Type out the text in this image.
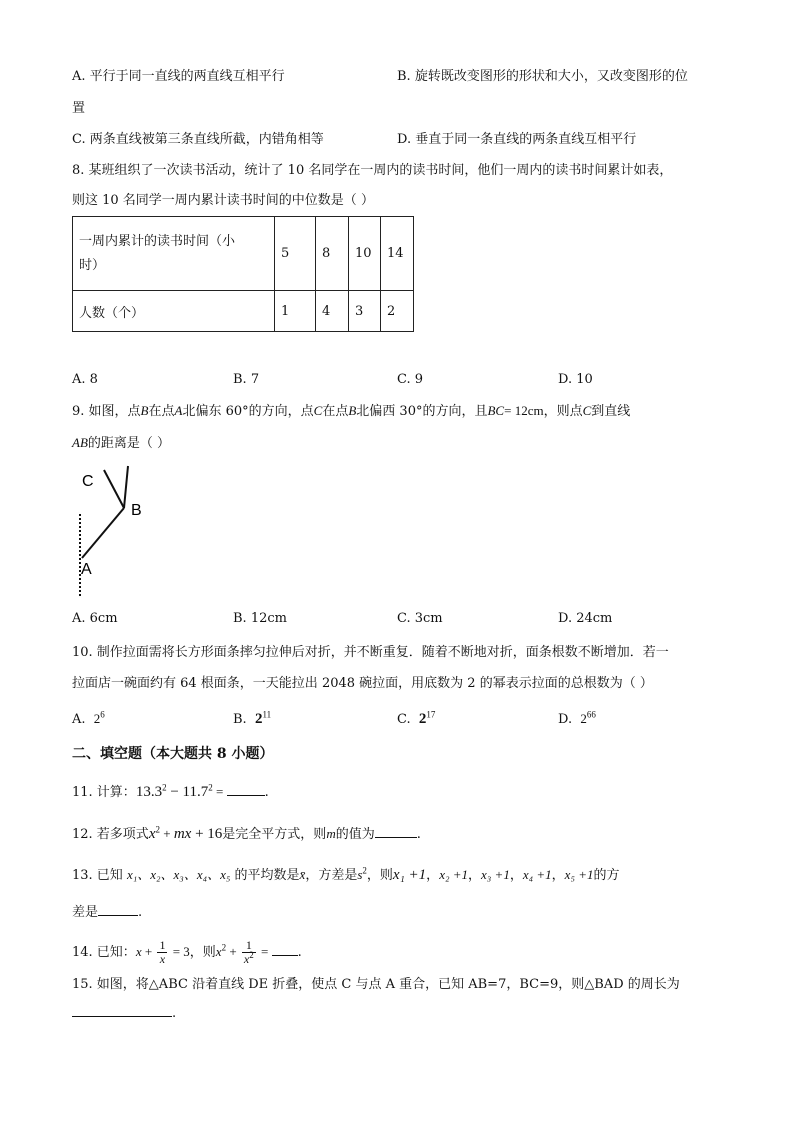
A. 平行于同一直线的两直线互相平行	B. 旋转既改变图形的形状和大小，又改变图形的位
置
C. 两条直线被第三条直线所截，内错角相等	D. 垂直于同一条直线的两条直线互相平行
8. 某班组织了一次读书活动，统计了 10 名同学在一周内的读书时间，他们一周内的读书时间累计如表，
则这 10 名同学一周内累计读书时间的中位数是（ ）
一周内累计的读书时间（小
时）	5	8	10	14
人数（个）	1	4	3	2
A. 8	B. 7	C. 9	D. 10
9. 如图，点B在点A北偏东 60°的方向，点C在点B北偏西 30°的方向，且BC= 12cm，则点C到直线
AB的距离是（ ）
C
B
A
A. 6cm	B. 12cm	C. 3cm	D. 24cm
10. 制作拉面需将长方形面条摔匀拉伸后对折，并不断重复．随着不断地对折，面条根数不断增加．若一
拉面店一碗面约有 64 根面条，一天能拉出 2048 碗拉面，用底数为 2 的幂表示拉面的总根数为（ ）
A. $2^6$	B. $2^{11}$	C. $2^{17}$	D. $2^{66}$
二、填空题（本大题共 8 小题）
11. 计算：$13.3^2 - 11.7^2$ =	.
12. 若多项式$x^2$ + mx + 16是完全平方式，则m的值为	.
13. 已知 x₁、x₂、x₃、x₄、x₅ 的平均数是x̄，方差是$s^2$，则x₁ +1，x₂ +1，x₃ +1，x₄ +1，x₅ +1的方
差是	.
14. 已知：$x + \frac{1}{x} = 3$，则$x^2 + \frac{1}{x^2}$ = .
15. 如图，将△ABC 沿着直线 DE 折叠，使点 C 与点 A 重合，已知 AB=7，BC=9，则△BAD 的周长为
.
